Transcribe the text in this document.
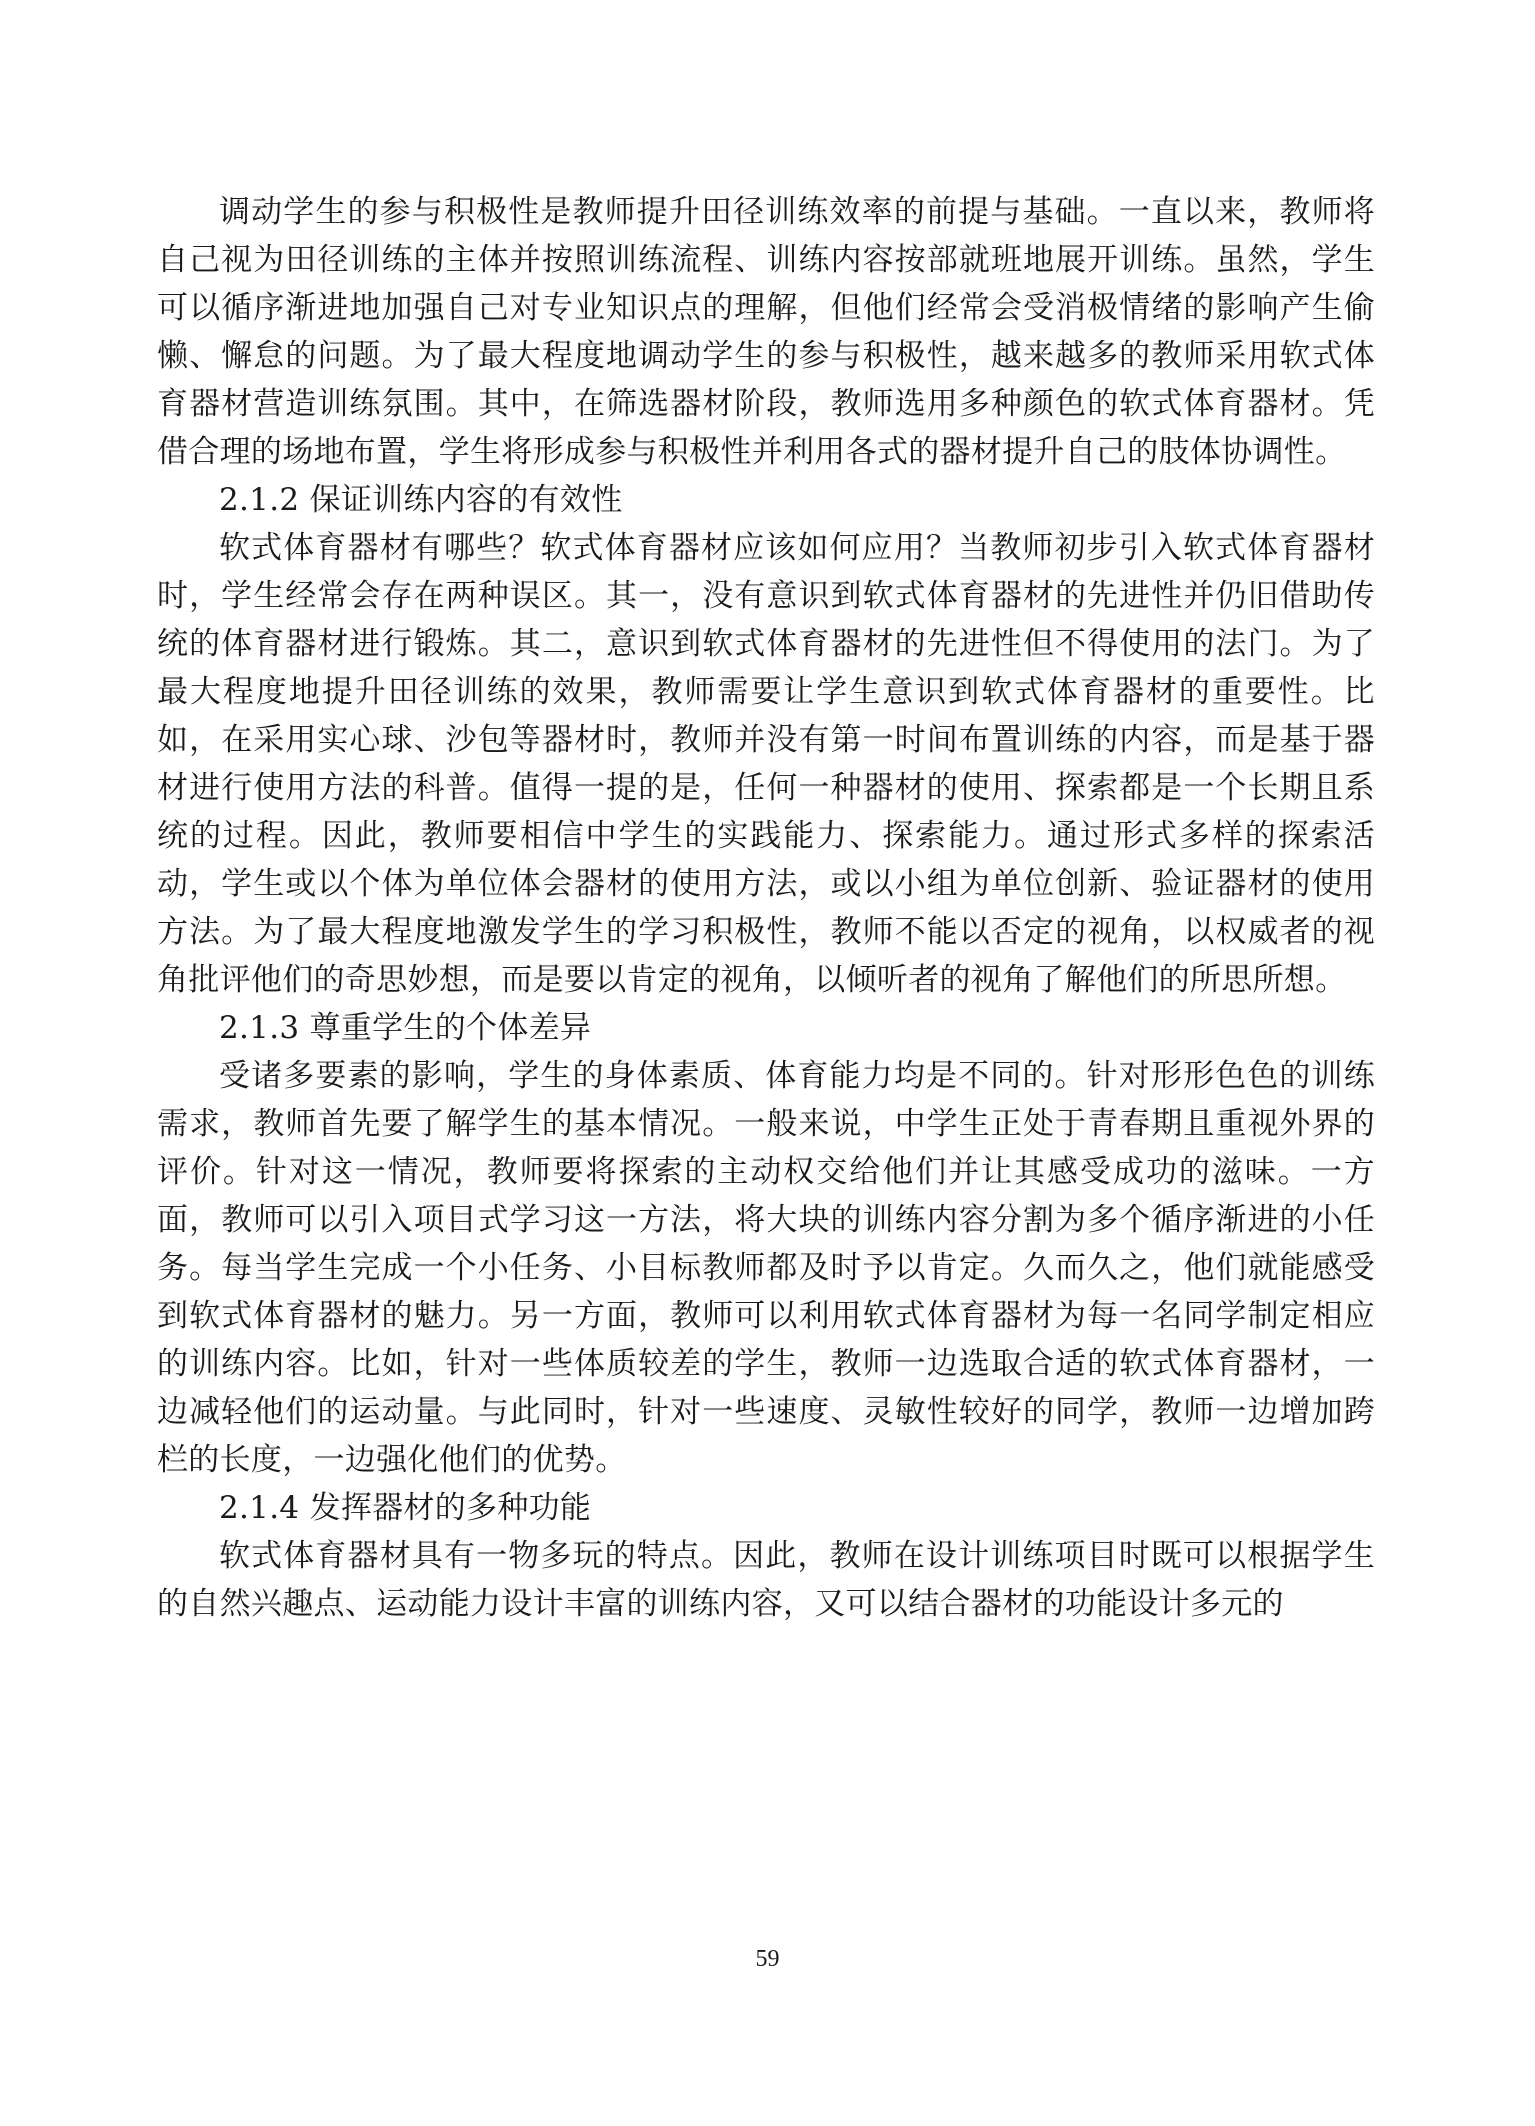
调动学生的参与积极性是教师提升田径训练效率的前提与基础。一直以来，教师将自己视为田径训练的主体并按照训练流程、训练内容按部就班地展开训练。虽然，学生可以循序渐进地加强自己对专业知识点的理解，但他们经常会受消极情绪的影响产生偷懒、懈怠的问题。为了最大程度地调动学生的参与积极性，越来越多的教师采用软式体育器材营造训练氛围。其中，在筛选器材阶段，教师选用多种颜色的软式体育器材。凭借合理的场地布置，学生将形成参与积极性并利用各式的器材提升自己的肢体协调性。

2.1.2 保证训练内容的有效性

软式体育器材有哪些？软式体育器材应该如何应用？当教师初步引入软式体育器材时，学生经常会存在两种误区。其一，没有意识到软式体育器材的先进性并仍旧借助传统的体育器材进行锻炼。其二，意识到软式体育器材的先进性但不得使用的法门。为了最大程度地提升田径训练的效果，教师需要让学生意识到软式体育器材的重要性。比如，在采用实心球、沙包等器材时，教师并没有第一时间布置训练的内容，而是基于器材进行使用方法的科普。值得一提的是，任何一种器材的使用、探索都是一个长期且系统的过程。因此，教师要相信中学生的实践能力、探索能力。通过形式多样的探索活动，学生或以个体为单位体会器材的使用方法，或以小组为单位创新、验证器材的使用方法。为了最大程度地激发学生的学习积极性，教师不能以否定的视角，以权威者的视角批评他们的奇思妙想，而是要以肯定的视角，以倾听者的视角了解他们的所思所想。

2.1.3 尊重学生的个体差异

受诸多要素的影响，学生的身体素质、体育能力均是不同的。针对形形色色的训练需求，教师首先要了解学生的基本情况。一般来说，中学生正处于青春期且重视外界的评价。针对这一情况，教师要将探索的主动权交给他们并让其感受成功的滋味。一方面，教师可以引入项目式学习这一方法，将大块的训练内容分割为多个循序渐进的小任务。每当学生完成一个小任务、小目标教师都及时予以肯定。久而久之，他们就能感受到软式体育器材的魅力。另一方面，教师可以利用软式体育器材为每一名同学制定相应的训练内容。比如，针对一些体质较差的学生，教师一边选取合适的软式体育器材，一边减轻他们的运动量。与此同时，针对一些速度、灵敏性较好的同学，教师一边增加跨栏的长度，一边强化他们的优势。

2.1.4 发挥器材的多种功能

软式体育器材具有一物多玩的特点。因此，教师在设计训练项目时既可以根据学生的自然兴趣点、运动能力设计丰富的训练内容，又可以结合器材的功能设计多元的

59
